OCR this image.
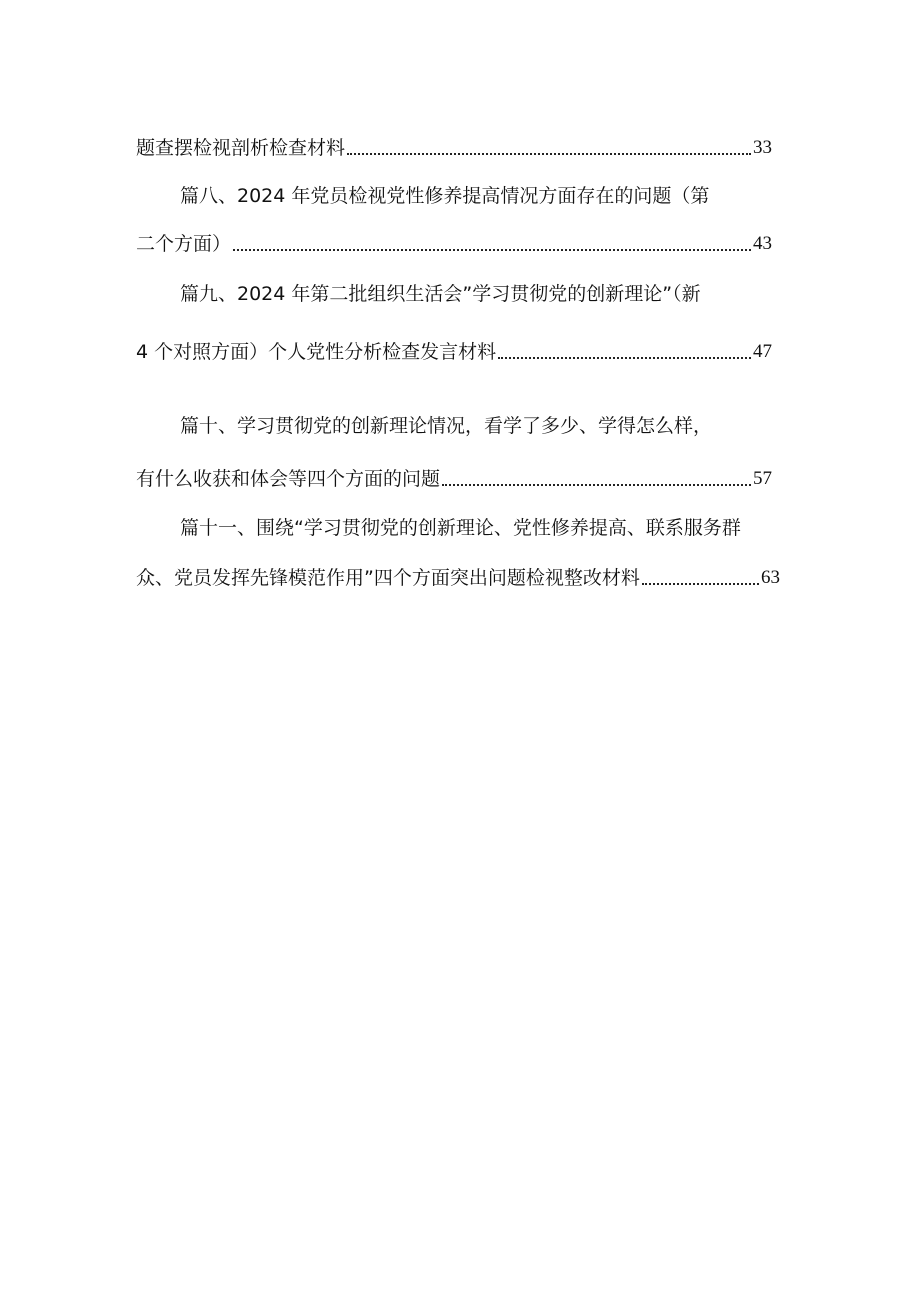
题查摆检视剖析检查材料	33
篇八、2024 年党员检视党性修养提高情况方面存在的问题（第
二个方面）	43
篇九、2024 年第二批组织生活会”学习贯彻党的创新理论”（新
4 个对照方面）个人党性分析检查发言材料	47
篇十、学习贯彻党的创新理论情况，看学了多少、学得怎么样，
有什么收获和体会等四个方面的问题	57
篇十一、围绕“学习贯彻党的创新理论、党性修养提高、联系服务群
众、党员发挥先锋模范作用”四个方面突出问题检视整改材料	63
